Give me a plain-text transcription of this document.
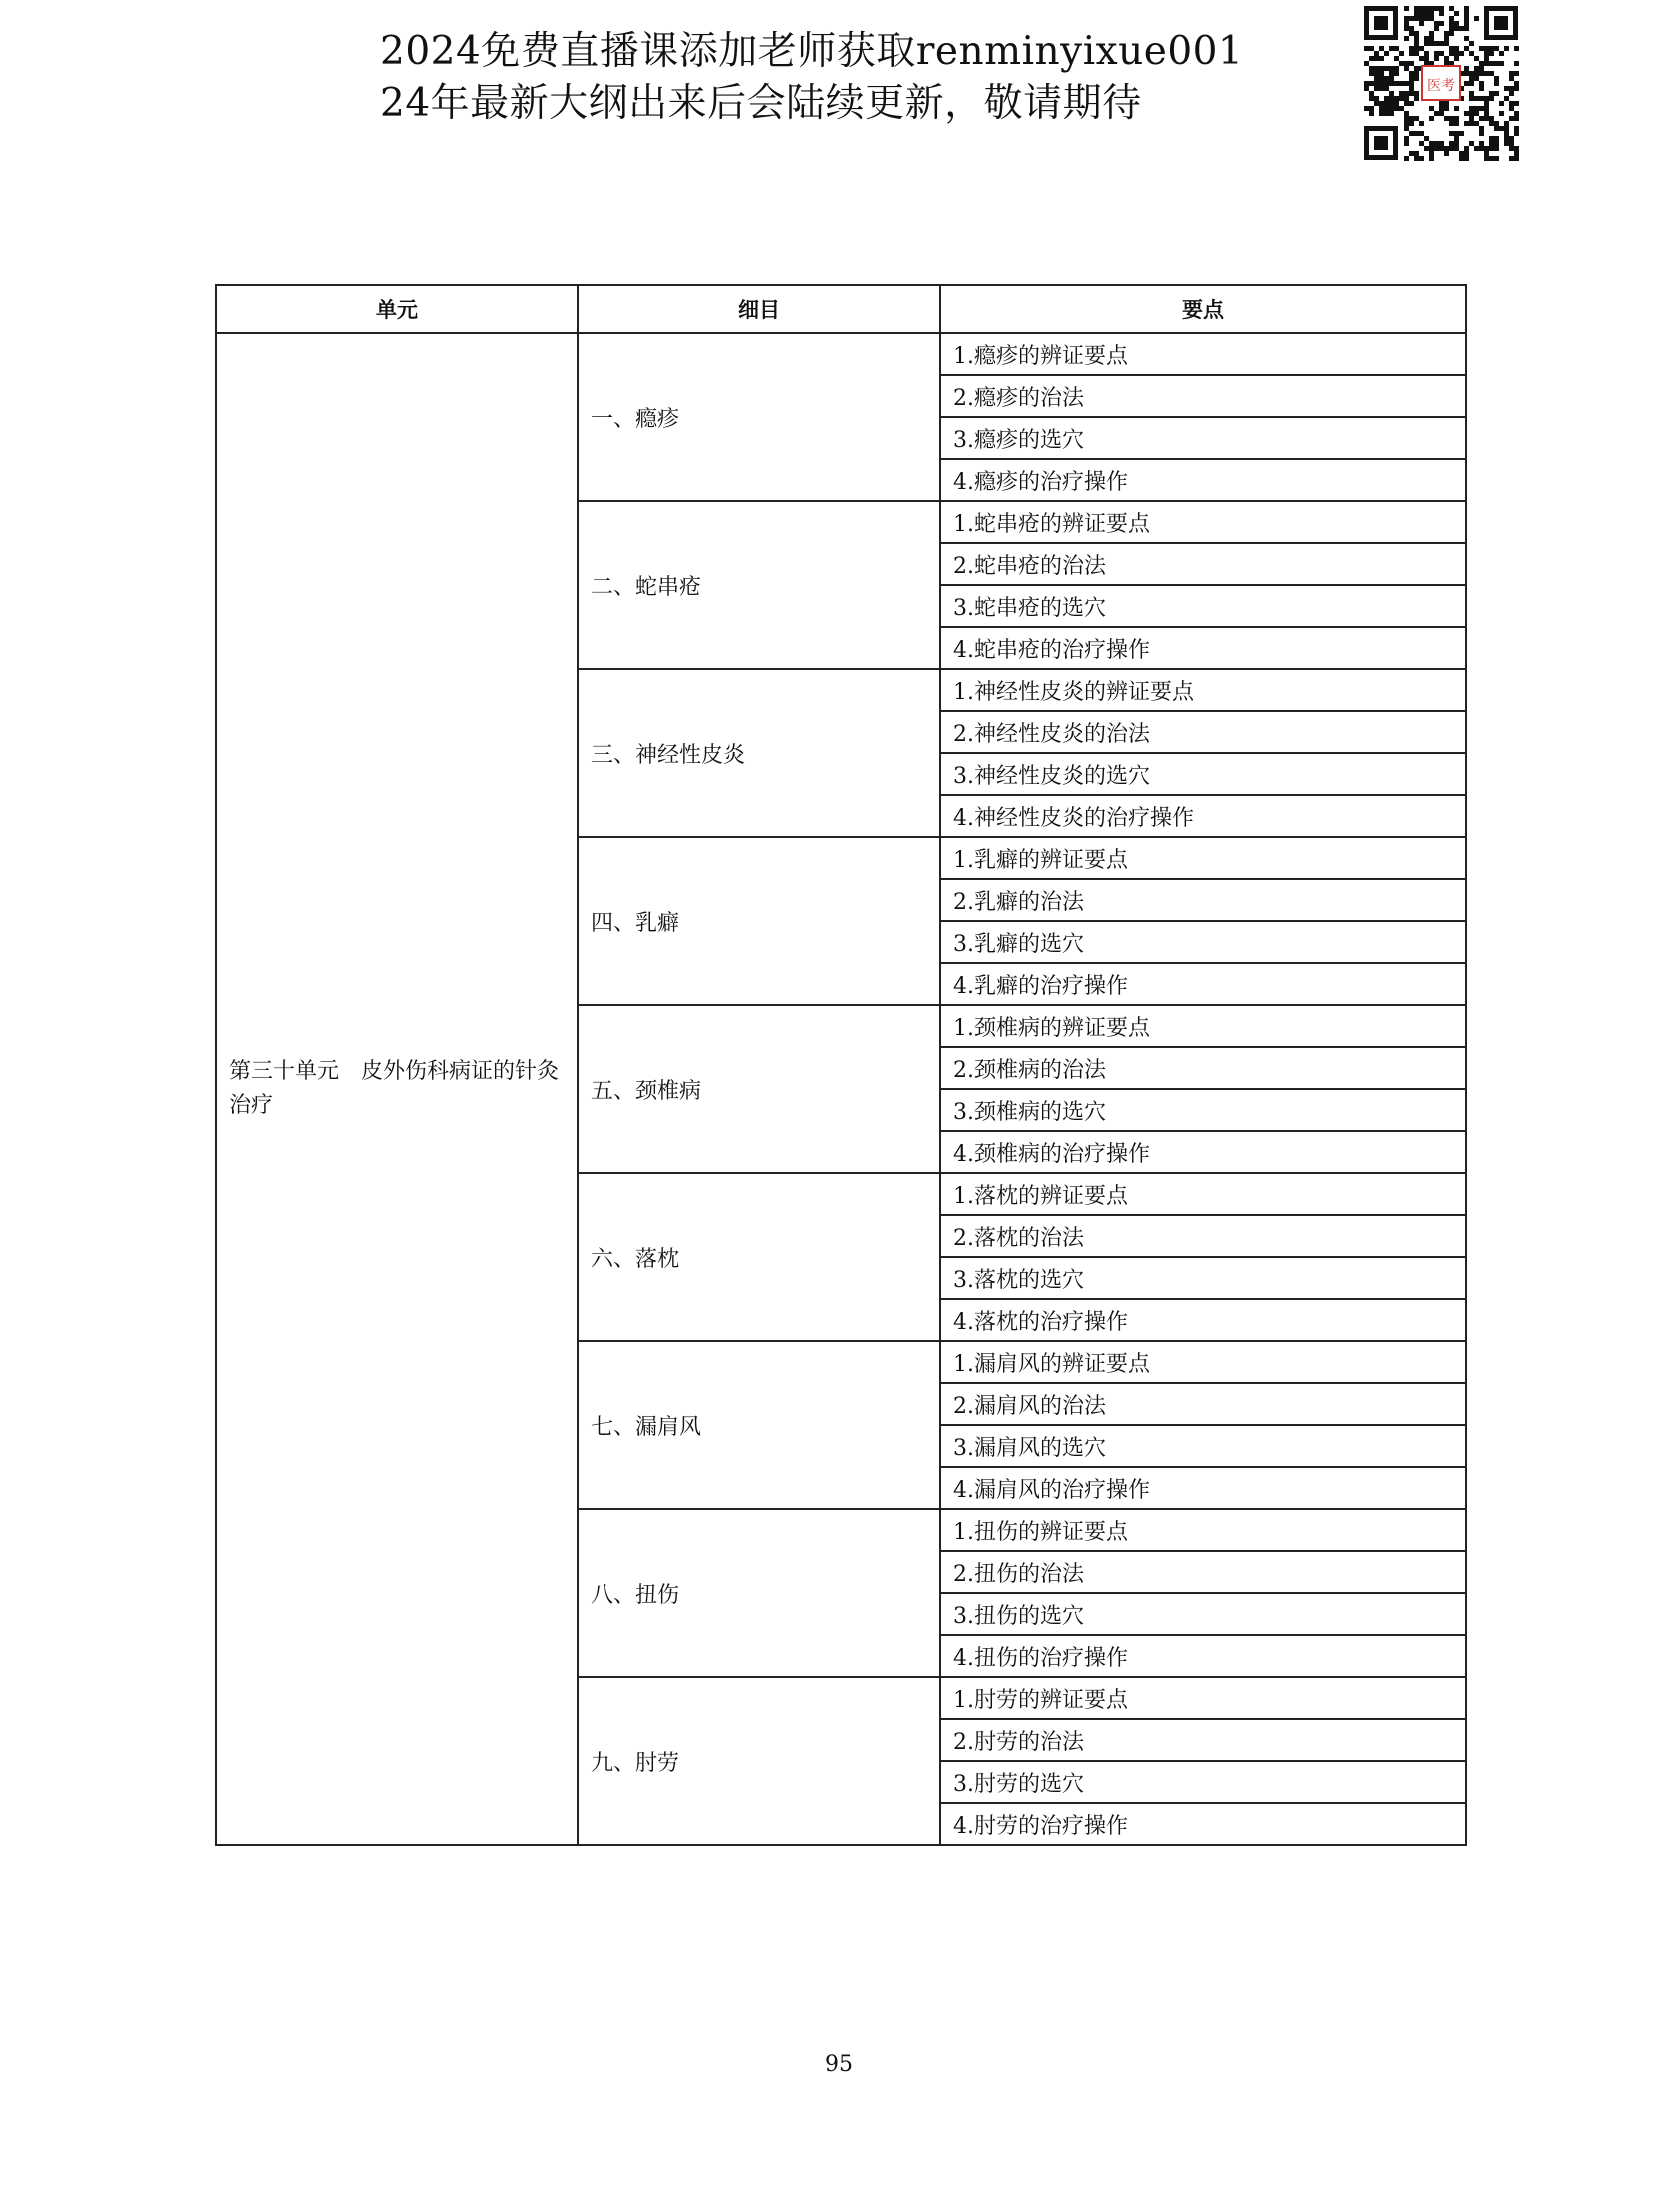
2024免费直播课添加老师获取renminyixue001
24年最新大纲出来后会陆续更新，敬请期待	医考
单元	细目	要点
第三十单元　皮外伤科病证的针灸治疗	一、瘾疹	1.瘾疹的辨证要点
		2.瘾疹的治法
		3.瘾疹的选穴
		4.瘾疹的治疗操作
	二、蛇串疮	1.蛇串疮的辨证要点
		2.蛇串疮的治法
		3.蛇串疮的选穴
		4.蛇串疮的治疗操作
	三、神经性皮炎	1.神经性皮炎的辨证要点
		2.神经性皮炎的治法
		3.神经性皮炎的选穴
		4.神经性皮炎的治疗操作
	四、乳癖	1.乳癖的辨证要点
		2.乳癖的治法
		3.乳癖的选穴
		4.乳癖的治疗操作
	五、颈椎病	1.颈椎病的辨证要点
		2.颈椎病的治法
		3.颈椎病的选穴
		4.颈椎病的治疗操作
	六、落枕	1.落枕的辨证要点
		2.落枕的治法
		3.落枕的选穴
		4.落枕的治疗操作
	七、漏肩风	1.漏肩风的辨证要点
		2.漏肩风的治法
		3.漏肩风的选穴
		4.漏肩风的治疗操作
	八、扭伤	1.扭伤的辨证要点
		2.扭伤的治法
		3.扭伤的选穴
		4.扭伤的治疗操作
	九、肘劳	1.肘劳的辨证要点
		2.肘劳的治法
		3.肘劳的选穴
		4.肘劳的治疗操作
95
